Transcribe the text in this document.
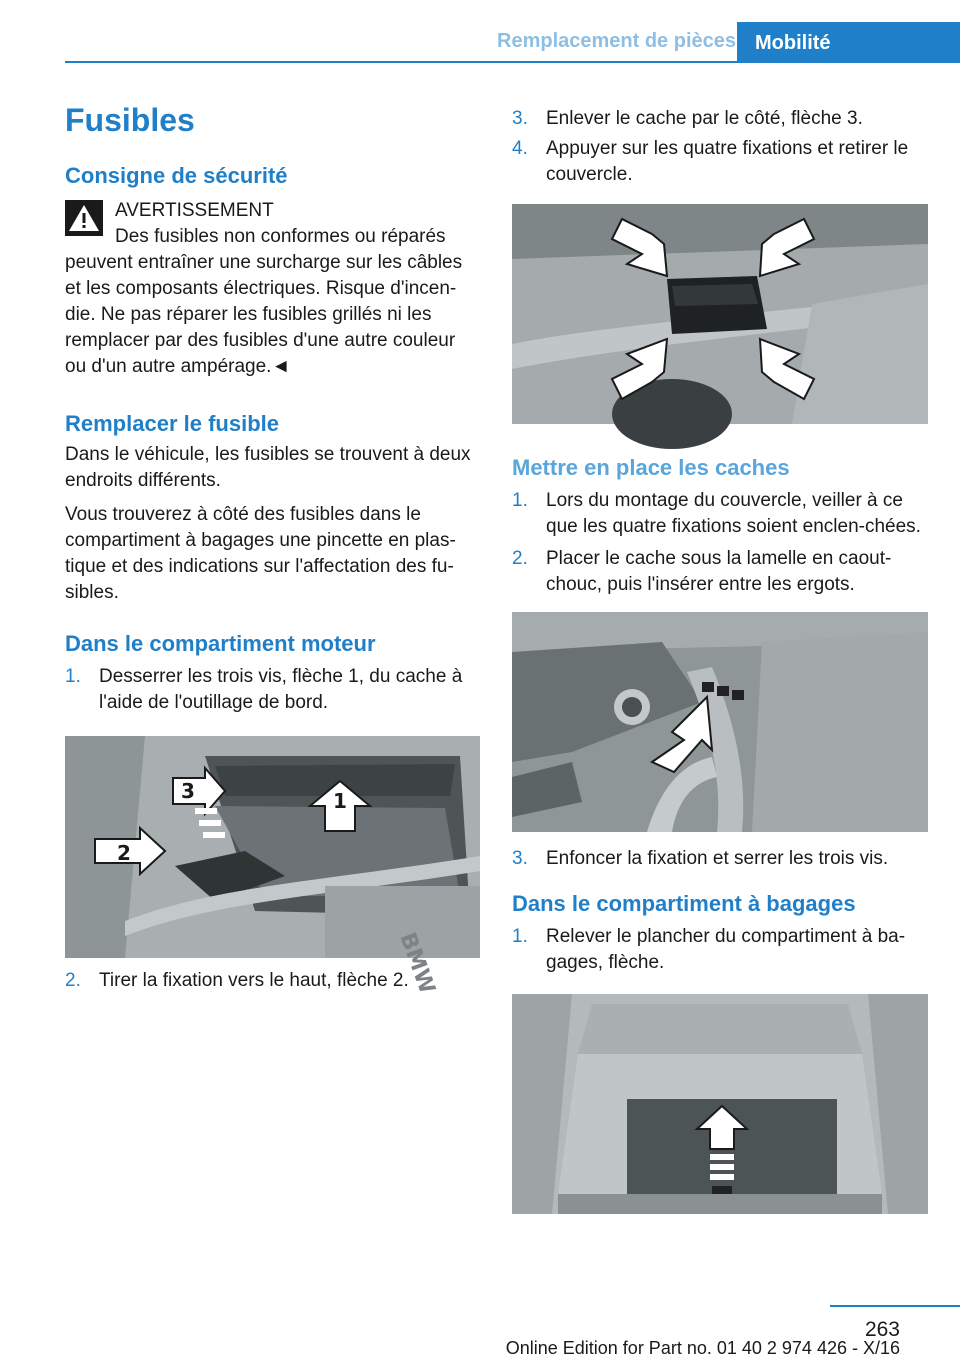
Remplacement de pièces Mobilité
Fusibles
Consigne de sécurité
AVERTISSEMENT
Des fusibles non conformes ou réparés
peuvent entraîner une surcharge sur les câbles et les composants électriques. Risque d'incen-die. Ne pas réparer les fusibles grillés ni les remplacer par des fusibles d'une autre couleur ou d'un autre ampérage.◄
Remplacer le fusible

Dans le véhicule, les fusibles se trouvent à deux endroits différents.

Vous trouverez à côté des fusibles dans le compartiment à bagages une pincette en plas-tique et des indications sur l'affectation des fu-sibles.

Dans le compartiment moteur
1. Desserrer les trois vis, flèche 1, du cache à l'aide de l'outillage de bord.
BMW
1
2
3
2. Tirer la fixation vers le haut, flèche 2.
3. Enlever le cache par le côté, flèche 3.
4. Appuyer sur les quatre fixations et retirer le couvercle.
Mettre en place les caches
1. Lors du montage du couvercle, veiller à ce que les quatre fixations soient enclen-chées.
2. Placer le cache sous la lamelle en caout-chouc, puis l'insérer entre les ergots.
3. Enfoncer la fixation et serrer les trois vis.
Dans le compartiment à bagages
1. Relever le plancher du compartiment à ba-gages, flèche.
263
Online Edition for Part no. 01 40 2 974 426 - X/16
